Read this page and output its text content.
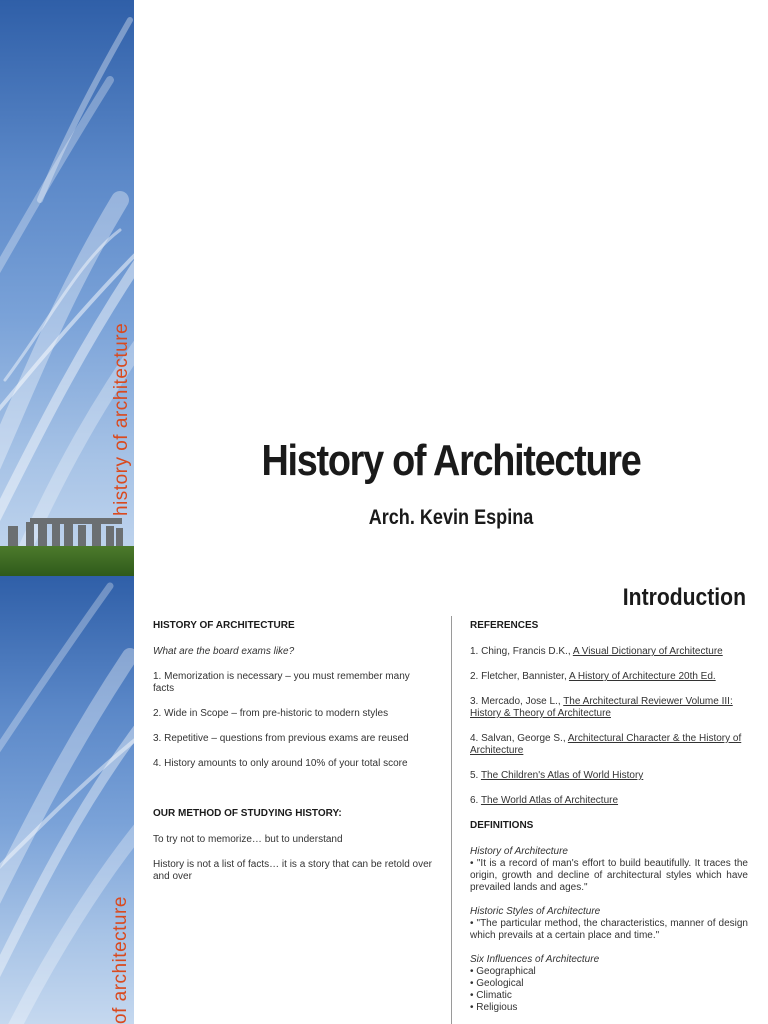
history of architecture	History of Architecture
Arch. Kevin Espina
of architecture
Introduction
HISTORY OF ARCHITECTURE
What are the board exams like?
1. Memorization is necessary – you must remember many facts
2. Wide in Scope – from pre-historic to modern styles
3. Repetitive – questions from previous exams are reused
4. History amounts to only around 10% of your total score
OUR METHOD OF STUDYING HISTORY:
To try not to memorize… but to understand
History is not a list of facts… it is a story that can be retold over and over
REFERENCES
1. Ching, Francis D.K., A Visual Dictionary of Architecture
2. Fletcher, Bannister, A History of Architecture 20th Ed.
3. Mercado, Jose L., The Architectural Reviewer Volume III: History & Theory of Architecture
4. Salvan, George S., Architectural Character & the History of Architecture
5. The Children's Atlas of World History
6. The World Atlas of Architecture
DEFINITIONS
History of Architecture
• "It is a record of man's effort to build beautifully. It traces the origin, growth and decline of architectural styles which have prevailed lands and ages."
Historic Styles of Architecture
• "The particular method, the characteristics, manner of design which prevails at a certain place and time."
Six Influences of Architecture
• Geographical
• Geological
• Climatic
• Religious
